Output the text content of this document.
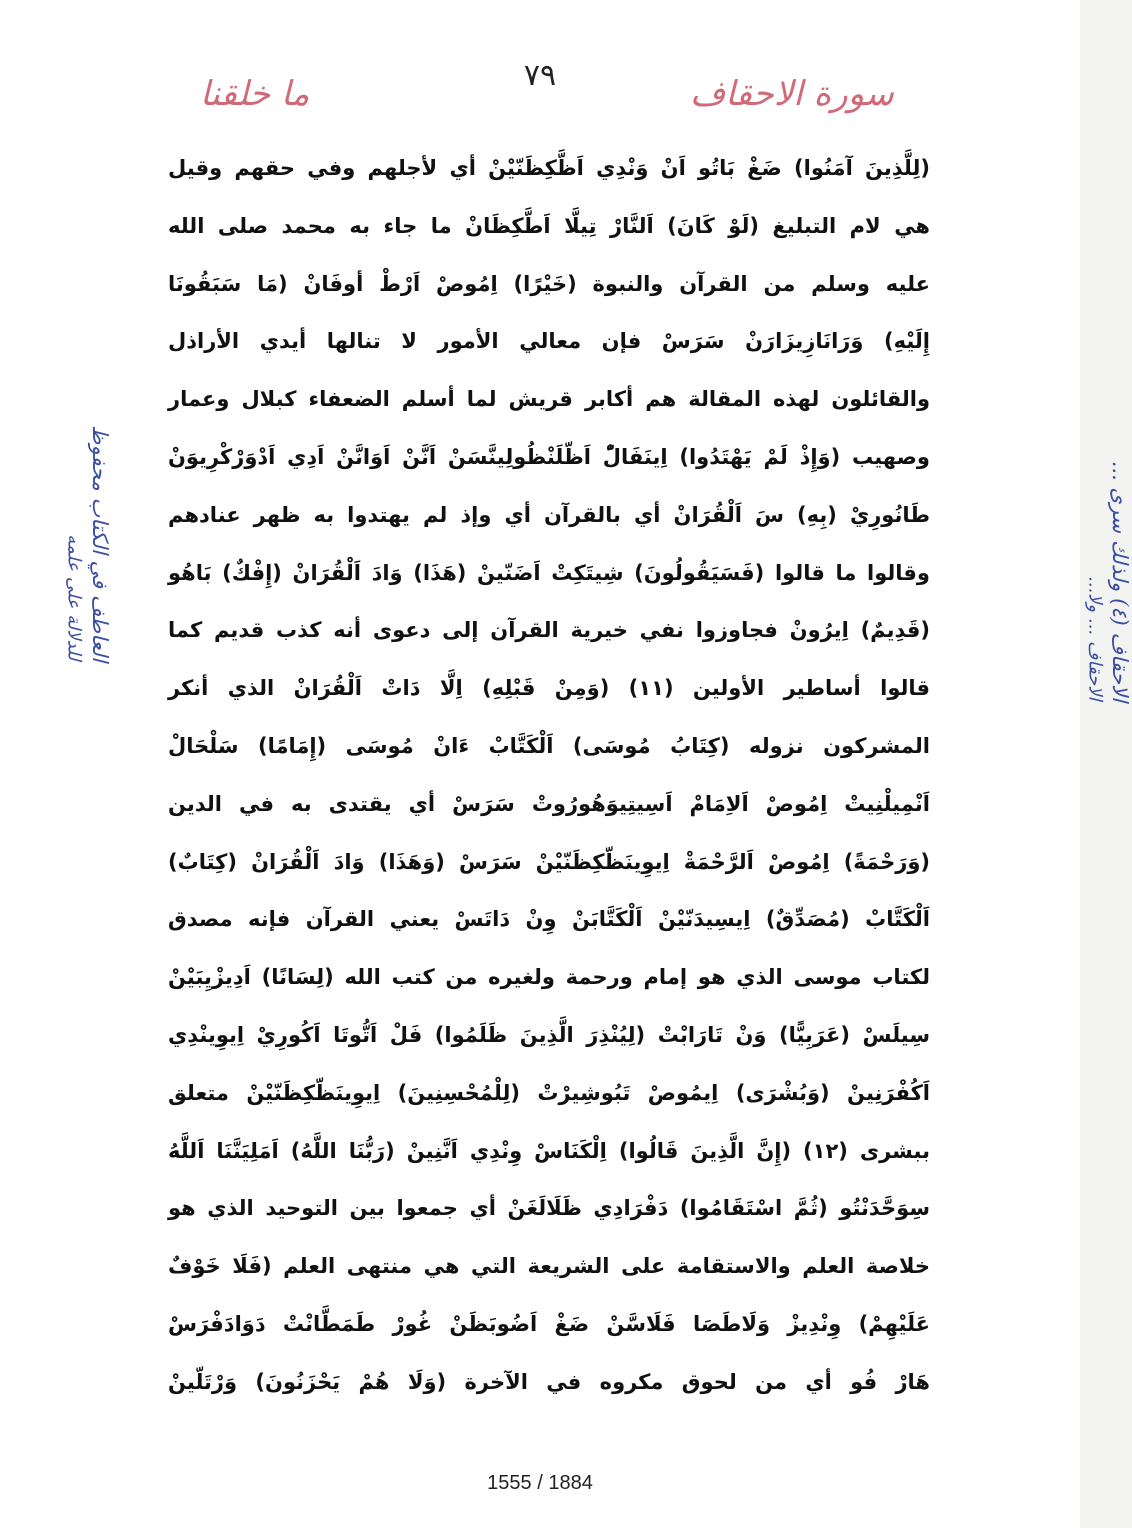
٧٩
ما خلقنا	سورة الاحقاف
الاحقاف (٤) ولذلك سرى ...
الاحقاف ... ولا...
العاطف في الكتاب محفوظ
للدلالة على علمه
(لِلَّذِينَ آمَنُوا) ضَغْ بَاتُو اَنْ وَنْدِي اَظَّكِظَنّيْنْ أي لأجلهم وفي حقهم وقيل
هي لام التبليغ (لَوْ كَانَ) اَلنَّارْ تِيلَّا اَطَّكِظَانْ ما جاء به محمد صلى الله
عليه وسلم من القرآن والنبوة (خَيْرًا) اِمُوصْ اَرْطْ أوفَانْ (مَا سَبَقُونَا
إِلَيْهِ) وَرَانَازِيزَارَنْ سَرَسْ فإن معالي الأمور لا تنالها أيدي الأراذل
والقائلون لهذه المقالة هم أكابر قريش لما أسلم الضعفاء كبلال وعمار
وصهيب (وَإِذْ لَمْ يَهْتَدُوا) اِينَفَالّْ اَظّلَنْظُولِينَّسَنْ اَنَّنْ اَوَانَّنْ اَدِي اَدْوَرْكْرِيوَنْ
طَانُورِيْ (بِهِ) سَ اَلْقُرَانْ أي بالقرآن أي وإذ لم يهتدوا به ظهر عنادهم
وقالوا ما قالوا (فَسَيَقُولُونَ) شِيتَكِتْ اَضَنّينْ (هَذَا) وَادَ اَلْقُرَانْ (إِفْكٌ) بَاهُو
(قَدِيمٌ) اِيرُونْ فجاوزوا نفي خيرية القرآن إلى دعوى أنه كذب قديم كما
قالوا أساطير الأولين (١١) (وَمِنْ قَبْلِهِ) اِلَّا دَاتْ اَلْقُرَانْ الذي أنكر
المشركون نزوله (كِتَابُ مُوسَى) اَلْكَتَّابْ ءَانْ مُوسَى (إِمَامًا) سَلْحَالْ
اَنْمِيلْنِيتْ اِمُوصْ اَلاِمَامْ اَسِيتِيوَهُورُوتْ سَرَسْ أي يقتدى به في الدين
(وَرَحْمَةً) اِمُوصْ اَلرَّحْمَةْ اِيوِينَظّكِظَنّيْنْ سَرَسْ (وَهَذَا) وَادَ اَلْقُرَانْ (كِتَابٌ)
اَلْكَتَّابْ (مُصَدِّقٌ) اِيسِيدَنّيْنْ اَلْكَتَّابَنْ وِنْ دَاتَسْ يعني القرآن فإنه مصدق
لكتاب موسى الذي هو إمام ورحمة ولغيره من كتب الله (لِسَانًا) اَدِيزْيِبَيْنْ
سِيلَسْ (عَرَبِيًّا) وَنْ تَارَابْتْ (لِيُنْذِرَ الَّذِينَ ظَلَمُوا) فَلْ اَتُّوتَا اَكُورِيْ اِيوِينْدِي
اَكُفْرَنِينْ (وَبُشْرَى) اِيمُوصْ تَبُوشِيرْتْ (لِلْمُحْسِنِينَ) اِيوِينَظّكِظَنّيْنْ متعلق
ببشرى (١٢) (إِنَّ الَّذِينَ قَالُوا) اِلْكَنَاسْ وِنْدِي اَنَّنِينْ (رَبُّنَا اللَّهُ) اَمَلِيَنَّنَا اَللَّهُ
سِوَحَّدَنْتُو (ثُمَّ اسْتَقَامُوا) دَفْرَادِي ظَلَالَغَنْ أي جمعوا بين التوحيد الذي هو
خلاصة العلم والاستقامة على الشريعة التي هي منتهى العلم (فَلَا خَوْفٌ
عَلَيْهِمْ) وِنْدِيزْ وَلَاطَصَا فَلَاسَّنْ ضَغْ اَضُوبَظَنْ غُورْ طَمَطَّانْتْ دَوَادَفْرَسْ
هَارْ فُو أي من لحوق مكروه في الآخرة (وَلَا هُمْ يَحْزَنُونَ) وَرْتَلّينْ
1555 / 1884
